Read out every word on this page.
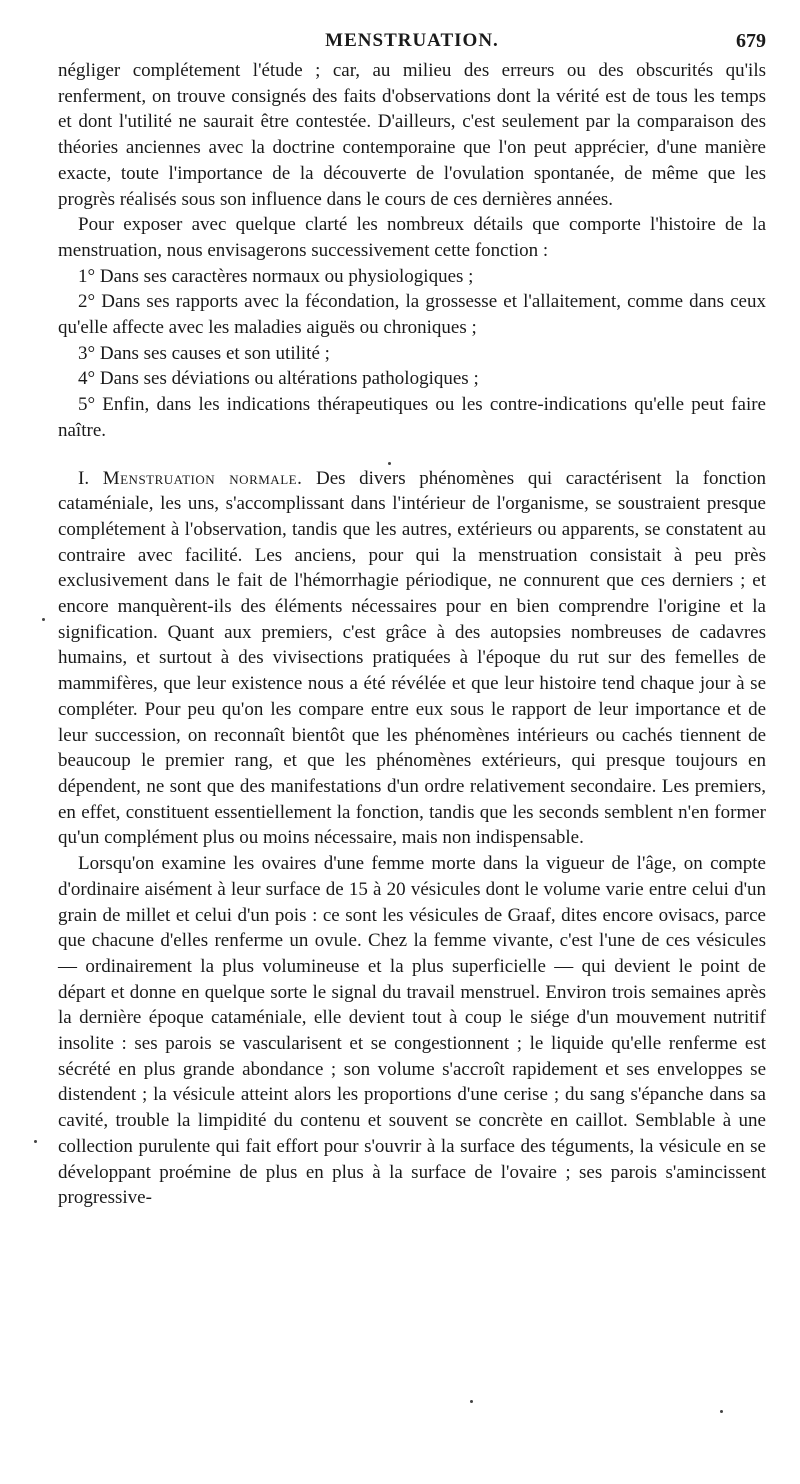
MENSTRUATION.	679

négliger complétement l'étude ; car, au milieu des erreurs ou des obscurités qu'ils renferment, on trouve consignés des faits d'observations dont la vérité est de tous les temps et dont l'utilité ne saurait être contestée. D'ailleurs, c'est seulement par la comparaison des théories anciennes avec la doctrine contemporaine que l'on peut apprécier, d'une manière exacte, toute l'importance de la découverte de l'ovulation spontanée, de même que les progrès réalisés sous son influence dans le cours de ces dernières années.

Pour exposer avec quelque clarté les nombreux détails que comporte l'histoire de la menstruation, nous envisagerons successivement cette fonction :

1° Dans ses caractères normaux ou physiologiques ;

2° Dans ses rapports avec la fécondation, la grossesse et l'allaitement, comme dans ceux qu'elle affecte avec les maladies aiguës ou chroniques ;

3° Dans ses causes et son utilité ;

4° Dans ses déviations ou altérations pathologiques ;

5° Enfin, dans les indications thérapeutiques ou les contre-indications qu'elle peut faire naître.

I. Menstruation normale. Des divers phénomènes qui caractérisent la fonction cataméniale, les uns, s'accomplissant dans l'intérieur de l'organisme, se soustraient presque complétement à l'observation, tandis que les autres, extérieurs ou apparents, se constatent au contraire avec facilité. Les anciens, pour qui la menstruation consistait à peu près exclusivement dans le fait de l'hémorrhagie périodique, ne connurent que ces derniers ; et encore manquèrent-ils des éléments nécessaires pour en bien comprendre l'origine et la signification. Quant aux premiers, c'est grâce à des autopsies nombreuses de cadavres humains, et surtout à des vivisections pratiquées à l'époque du rut sur des femelles de mammifères, que leur existence nous a été révélée et que leur histoire tend chaque jour à se compléter. Pour peu qu'on les compare entre eux sous le rapport de leur importance et de leur succession, on reconnaît bientôt que les phénomènes intérieurs ou cachés tiennent de beaucoup le premier rang, et que les phénomènes extérieurs, qui presque toujours en dépendent, ne sont que des manifestations d'un ordre relativement secondaire. Les premiers, en effet, constituent essentiellement la fonction, tandis que les seconds semblent n'en former qu'un complément plus ou moins nécessaire, mais non indispensable.

Lorsqu'on examine les ovaires d'une femme morte dans la vigueur de l'âge, on compte d'ordinaire aisément à leur surface de 15 à 20 vésicules dont le volume varie entre celui d'un grain de millet et celui d'un pois : ce sont les vésicules de Graaf, dites encore ovisacs, parce que chacune d'elles renferme un ovule. Chez la femme vivante, c'est l'une de ces vésicules — ordinairement la plus volumineuse et la plus superficielle — qui devient le point de départ et donne en quelque sorte le signal du travail menstruel. Environ trois semaines après la dernière époque cataméniale, elle devient tout à coup le siége d'un mouvement nutritif insolite : ses parois se vascularisent et se congestionnent ; le liquide qu'elle renferme est sécrété en plus grande abondance ; son volume s'accroît rapidement et ses enveloppes se distendent ; la vésicule atteint alors les proportions d'une cerise ; du sang s'épanche dans sa cavité, trouble la limpidité du contenu et souvent se concrète en caillot. Semblable à une collection purulente qui fait effort pour s'ouvrir à la surface des téguments, la vésicule en se développant proémine de plus en plus à la surface de l'ovaire ; ses parois s'amincissent progressive-
